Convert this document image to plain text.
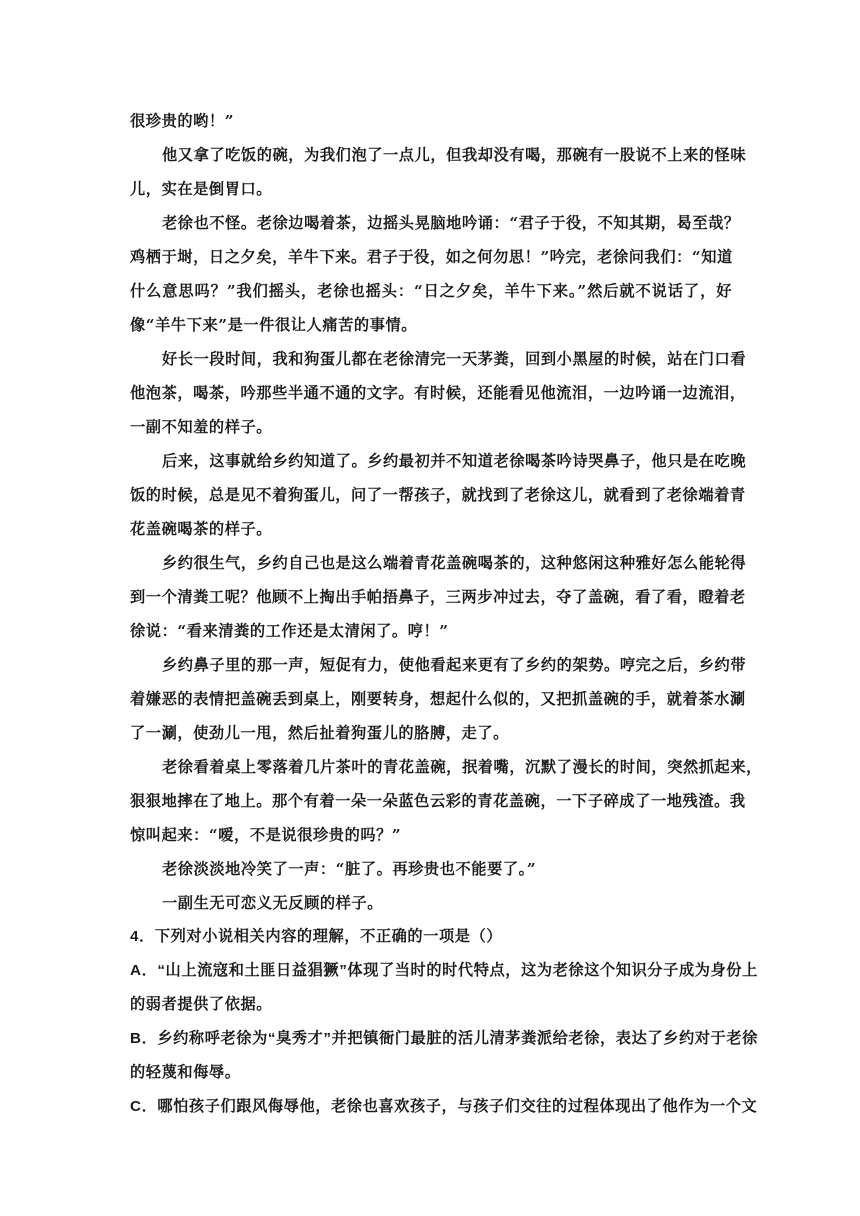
很珍贵的哟！”
他又拿了吃饭的碗，为我们泡了一点儿，但我却没有喝，那碗有一股说不上来的怪味
儿，实在是倒胃口。
老徐也不怪。老徐边喝着茶，边摇头晃脑地吟诵：“君子于役，不知其期，曷至哉？
鸡栖于埘，日之夕矣，羊牛下来。君子于役，如之何勿思！”吟完，老徐问我们：“知道
什么意思吗？”我们摇头，老徐也摇头：“日之夕矣，羊牛下来。”然后就不说话了，好
像“羊牛下来”是一件很让人痛苦的事情。
好长一段时间，我和狗蛋儿都在老徐清完一天茅粪，回到小黑屋的时候，站在门口看
他泡茶，喝茶，吟那些半通不通的文字。有时候，还能看见他流泪，一边吟诵一边流泪，
一副不知羞的样子。
后来，这事就给乡约知道了。乡约最初并不知道老徐喝茶吟诗哭鼻子，他只是在吃晚
饭的时候，总是见不着狗蛋儿，问了一帮孩子，就找到了老徐这儿，就看到了老徐端着青
花盖碗喝茶的样子。
乡约很生气，乡约自己也是这么端着青花盖碗喝茶的，这种悠闲这种雅好怎么能轮得
到一个清粪工呢？他顾不上掏出手帕捂鼻子，三两步冲过去，夺了盖碗，看了看，瞪着老
徐说：“看来清粪的工作还是太清闲了。哼！”
乡约鼻子里的那一声，短促有力，使他看起来更有了乡约的架势。哼完之后，乡约带
着嫌恶的表情把盖碗丢到桌上，刚要转身，想起什么似的，又把抓盖碗的手，就着茶水涮
了一涮，使劲儿一甩，然后扯着狗蛋儿的胳膊，走了。
老徐看着桌上零落着几片茶叶的青花盖碗，抿着嘴，沉默了漫长的时间，突然抓起来，
狠狠地摔在了地上。那个有着一朵一朵蓝色云彩的青花盖碗，一下子碎成了一地残渣。我
惊叫起来：“嗳，不是说很珍贵的吗？”
老徐淡淡地冷笑了一声：“脏了。再珍贵也不能要了。”
一副生无可恋义无反顾的样子。
4．下列对小说相关内容的理解，不正确的一项是（）
A．“山上流寇和土匪日益猖獗”体现了当时的时代特点，这为老徐这个知识分子成为身份上
的弱者提供了依据。
B．乡约称呼老徐为“臭秀才”并把镇衙门最脏的活儿清茅粪派给老徐，表达了乡约对于老徐
的轻蔑和侮辱。
C．哪怕孩子们跟风侮辱他，老徐也喜欢孩子，与孩子们交往的过程体现出了他作为一个文
